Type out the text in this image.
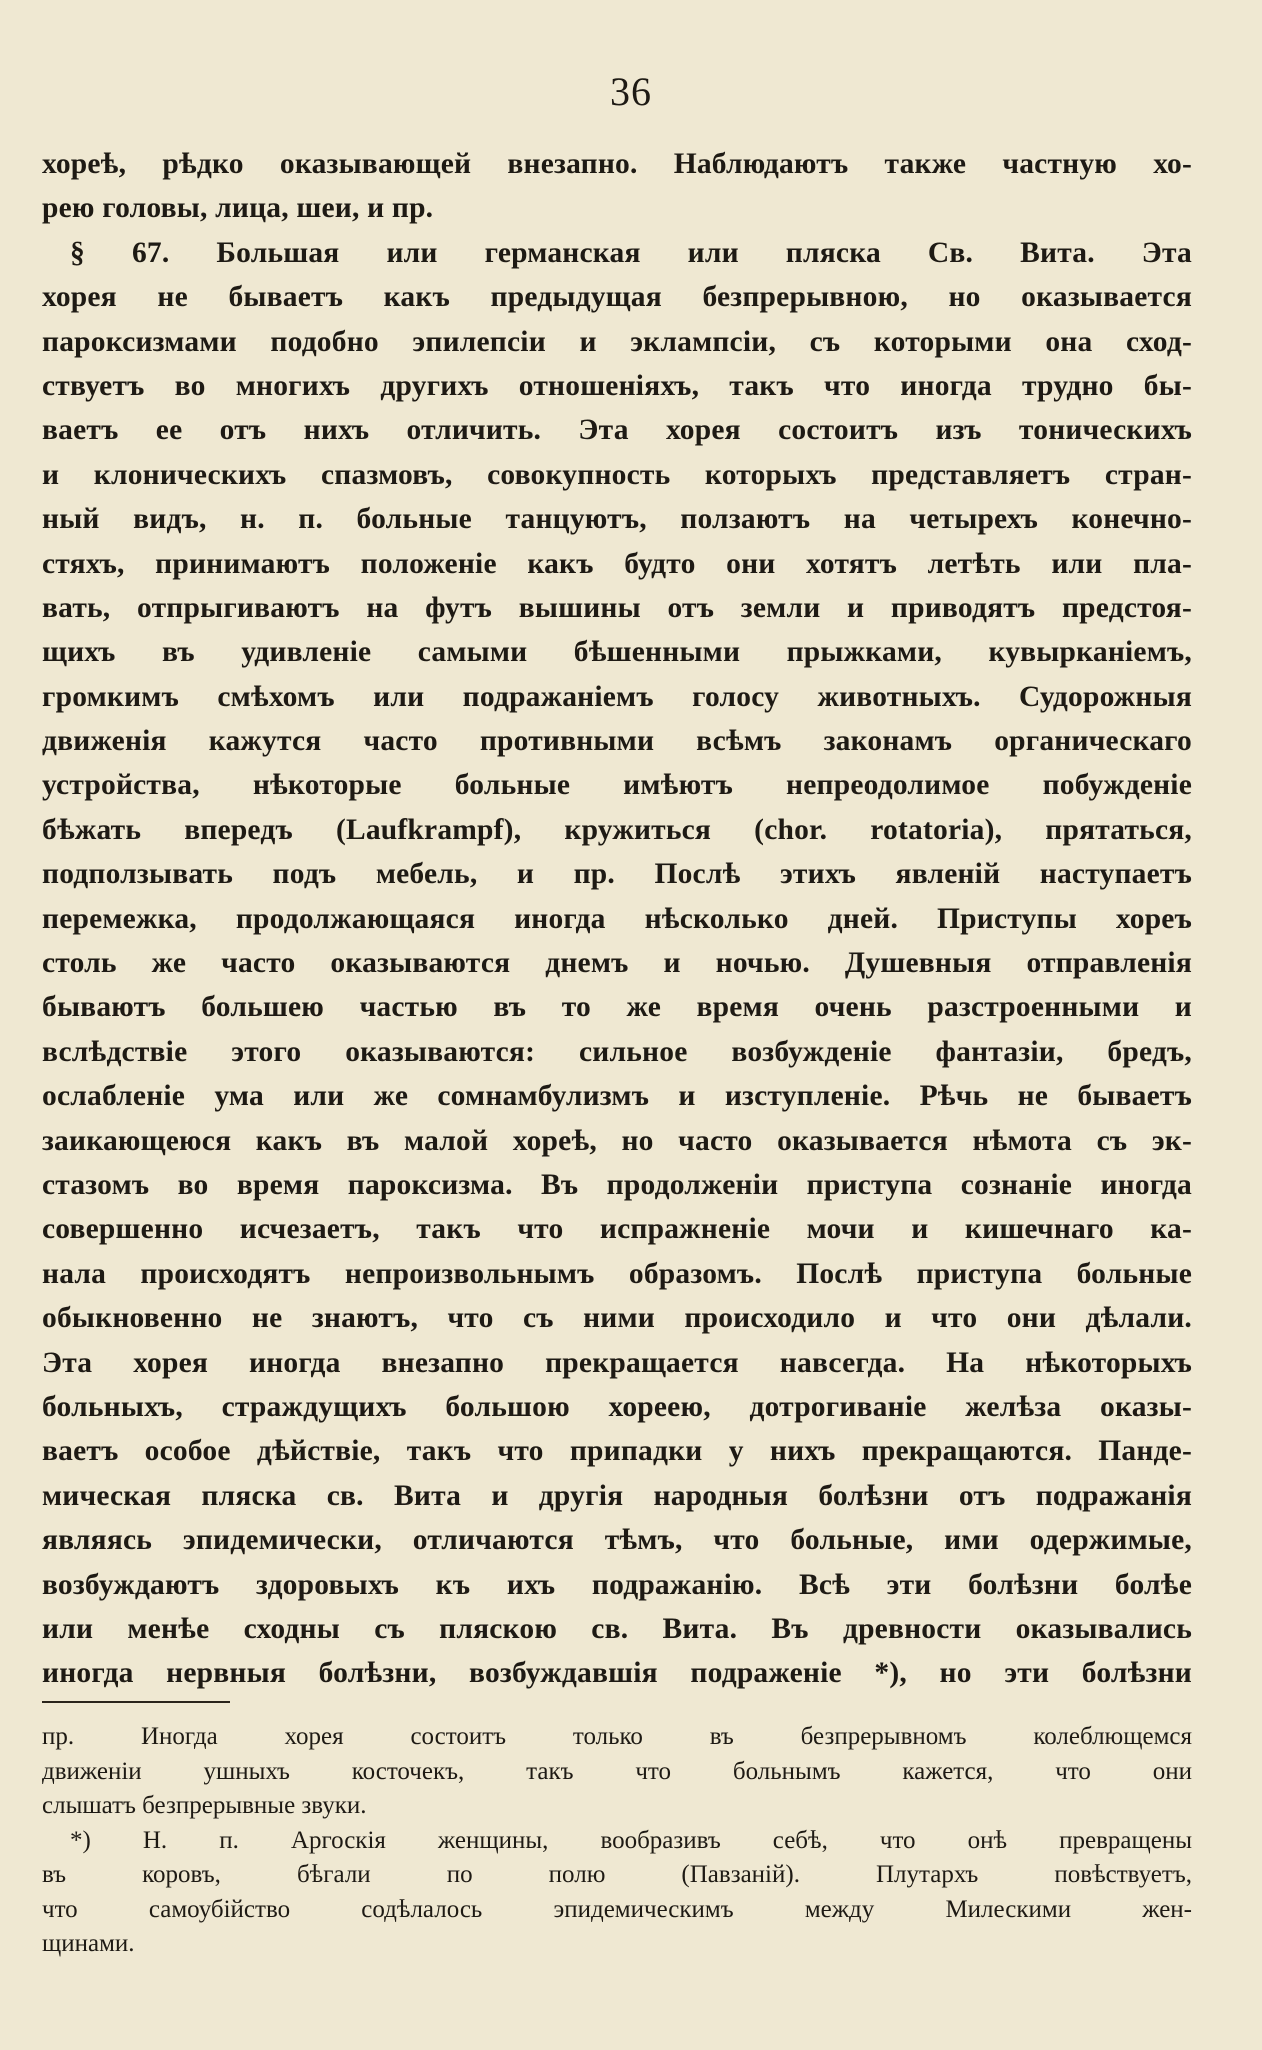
36
хореѣ, рѣдко оказывающей внезапно. Наблюдаютъ также частную хо-
рею головы, лица, шеи, и пр.
§ 67. Большая или германская или пляска Св. Вита. Эта
хорея не бываетъ какъ предыдущая безпрерывною, но оказывается
пароксизмами подобно эпилепсіи и эклампсіи, съ которыми она сход-
ствуетъ во многихъ другихъ отношеніяхъ, такъ что иногда трудно бы-
ваетъ ее отъ нихъ отличить. Эта хорея состоитъ изъ тоническихъ
и клоническихъ спазмовъ, совокупность которыхъ представляетъ стран-
ный видъ, н. п. больные танцуютъ, ползаютъ на четырехъ конечно-
стяхъ, принимаютъ положеніе какъ будто они хотятъ летѣть или пла-
вать, отпрыгиваютъ на футъ вышины отъ земли и приводятъ предстоя-
щихъ въ удивленіе самыми бѣшенными прыжками, кувырканіемъ,
громкимъ смѣхомъ или подражаніемъ голосу животныхъ. Судорожныя
движенія кажутся часто противными всѣмъ законамъ органическаго
устройства, нѣкоторые больные имѣютъ непреодолимое побужденіе
бѣжать впередъ (Laufkrampf), кружиться (chor. rotatoria), прятаться,
подползывать подъ мебель, и пр. Послѣ этихъ явленій наступаетъ
перемежка, продолжающаяся иногда нѣсколько дней. Приступы хореъ
столь же часто оказываются днемъ и ночью. Душевныя отправленія
бываютъ большею частью въ то же время очень разстроенными и
вслѣдствіе этого оказываются: сильное возбужденіе фантазіи, бредъ,
ослабленіе ума или же сомнамбулизмъ и изступленіе. Рѣчь не бываетъ
заикающеюся какъ въ малой хореѣ, но часто оказывается нѣмота съ эк-
стазомъ во время пароксизма. Въ продолженіи приступа сознаніе иногда
совершенно исчезаетъ, такъ что испражненіе мочи и кишечнаго ка-
нала происходятъ непроизвольнымъ образомъ. Послѣ приступа больные
обыкновенно не знаютъ, что съ ними происходило и что они дѣлали.
Эта хорея иногда внезапно прекращается навсегда. На нѣкоторыхъ
больныхъ, страждущихъ большою хореею, дотрогиваніе желѣза оказы-
ваетъ особое дѣйствіе, такъ что припадки у нихъ прекращаются. Панде-
мическая пляска св. Вита и другія народныя болѣзни отъ подражанія
являясь эпидемически, отличаются тѣмъ, что больные, ими одержимые,
возбуждаютъ здоровыхъ къ ихъ подражанію. Всѣ эти болѣзни болѣе
или менѣе сходны съ пляскою св. Вита. Въ древности оказывались
иногда нервныя болѣзни, возбуждавшія подраженіе *), но эти болѣзни
пр. Иногда хорея состоитъ только въ безпрерывномъ колеблющемся
движеніи ушныхъ косточекъ, такъ что больнымъ кажется, что они
слышатъ безпрерывные звуки.
*) Н. п. Аргоскія женщины, вообразивъ себѣ, что онѣ превращены
въ коровъ, бѣгали по полю (Павзаній). Плутархъ повѣствуетъ,
что самоубійство содѣлалось эпидемическимъ между Милескими жен-
щинами.
